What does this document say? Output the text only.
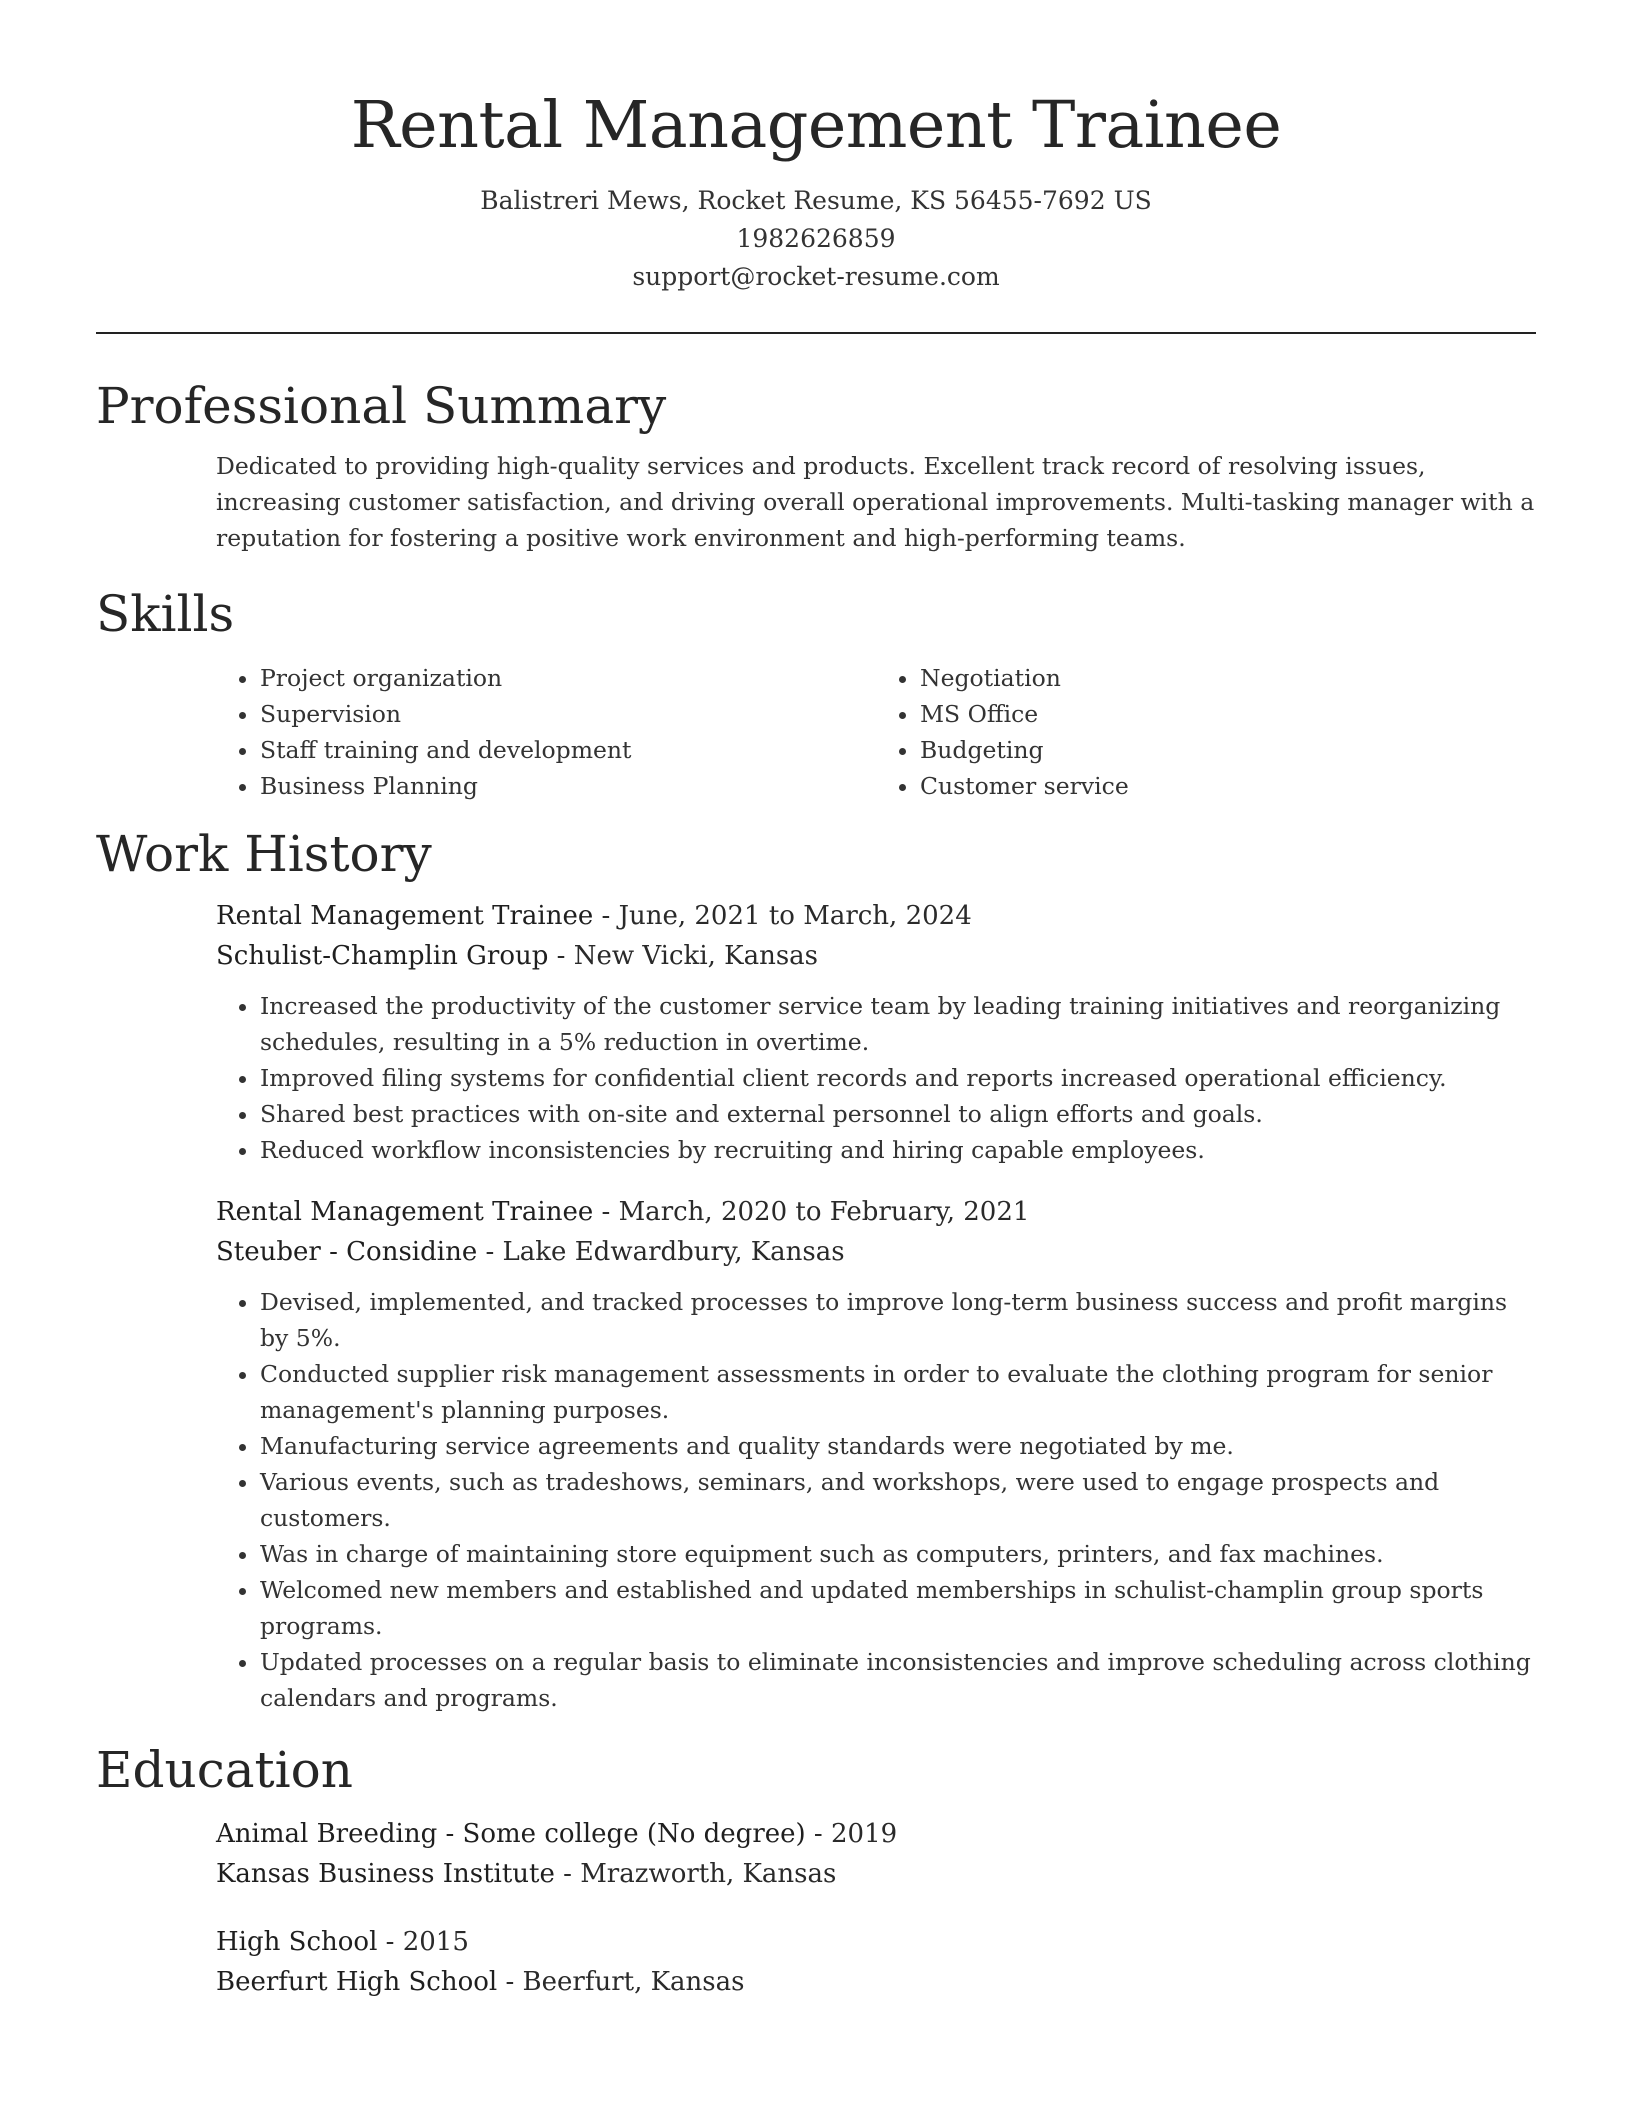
Rental Management Trainee
Balistreri Mews, Rocket Resume, KS 56455-7692 US
1982626859
support@rocket-resume.com
Professional Summary
Dedicated to providing high-quality services and products. Excellent track record of resolving issues, increasing customer satisfaction, and driving overall operational improvements. Multi-tasking manager with a reputation for fostering a positive work environment and high-performing teams.
Skills
• Project organization
• Supervision
• Staff training and development
• Business Planning
• Negotiation
• MS Office
• Budgeting
• Customer service
Work History
Rental Management Trainee - June, 2021 to March, 2024
Schulist-Champlin Group - New Vicki, Kansas
• Increased the productivity of the customer service team by leading training initiatives and reorganizing schedules, resulting in a 5% reduction in overtime.
• Improved filing systems for confidential client records and reports increased operational efficiency.
• Shared best practices with on-site and external personnel to align efforts and goals.
• Reduced workflow inconsistencies by recruiting and hiring capable employees.
Rental Management Trainee - March, 2020 to February, 2021
Steuber - Considine - Lake Edwardbury, Kansas
• Devised, implemented, and tracked processes to improve long-term business success and profit margins by 5%.
• Conducted supplier risk management assessments in order to evaluate the clothing program for senior management's planning purposes.
• Manufacturing service agreements and quality standards were negotiated by me.
• Various events, such as tradeshows, seminars, and workshops, were used to engage prospects and customers.
• Was in charge of maintaining store equipment such as computers, printers, and fax machines.
• Welcomed new members and established and updated memberships in schulist-champlin group sports programs.
• Updated processes on a regular basis to eliminate inconsistencies and improve scheduling across clothing calendars and programs.
Education
Animal Breeding - Some college (No degree) - 2019
Kansas Business Institute - Mrazworth, Kansas
High School - 2015
Beerfurt High School - Beerfurt, Kansas
